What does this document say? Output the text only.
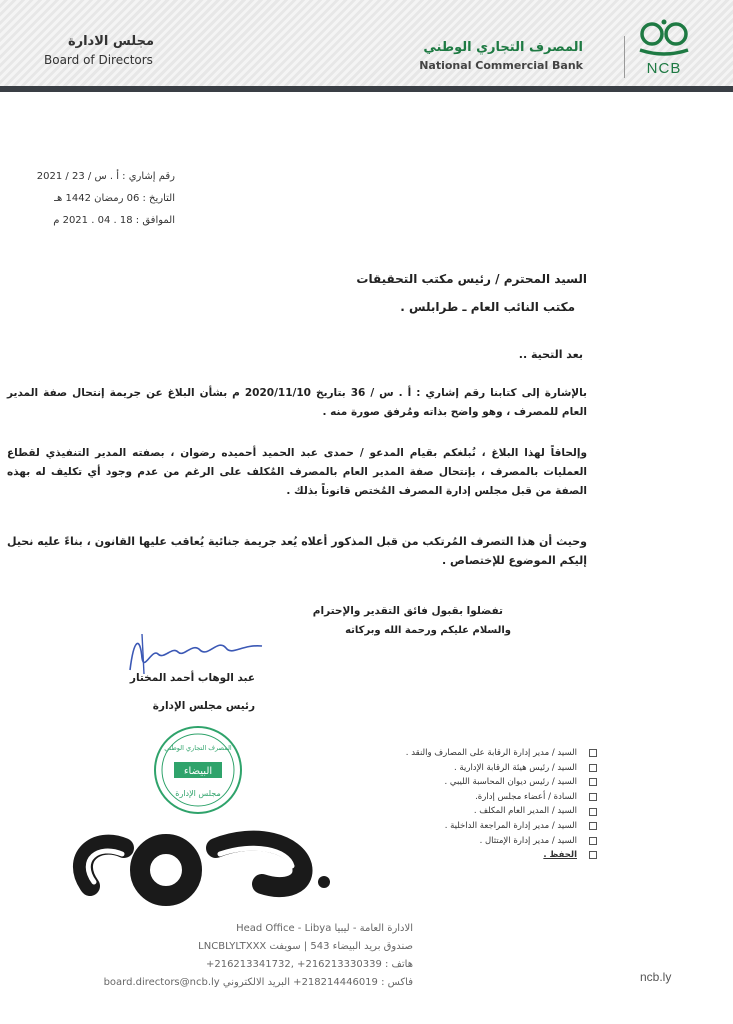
مجلس الادارة
Board of Directors
المصرف التجاري الوطني
National Commercial Bank	NCB
رقم إشاري : أ . س / 23 / 2021
التاريخ : 06 رمضان 1442 هـ
الموافق : 18 . 04 . 2021 م
السيد المحترم / رئيس مكتب التحقيقات
مكتب النائب العام ـ طرابلس .
بعد التحية ..
بالإشارة إلى كتابنا رقم إشاري : أ . س / 36 بتاريخ 2020/11/10 م بشأن البلاغ عن جريمة إنتحال صفة المدير العام للمصرف ، وهو واضح بذاته ومُرفق صورة منه .
وإلحاقاً لهذا البلاغ ، نُبلغكم بقيام المدعو / حمدى عبد الحميد أحميده رضوان ، بصفته المدير التنفيذي لقطاع العمليات بالمصرف ، بإنتحال صفة المدير العام بالمصرف المُكلف على الرغم من عدم وجود أي تكليف له بهذه الصفة من قبل مجلس إدارة المصرف المُختص قانوناً بذلك .
وحيث أن هذا التصرف المُرتكب من قبل المذكور أعلاه يُعد جريمة جنائية يُعاقب عليها القانون ، بناءً عليه نحيل إليكم الموضوع للإختصاص .
تفضلوا بقبول فائق التقدير والإحترام
والسلام عليكم ورحمة الله وبركاته
عبد الوهاب أحمد المختار
رئيس مجلس الإدارة
البيضاء
المصرف التجاري الوطني
مجلس الإدارة
السيد / مدير إدارة الرقابة على المصارف والنقد .
السيد / رئيس هيئة الرقابة الإدارية .
السيد / رئيس ديوان المحاسبة الليبي .
السادة / أعضاء مجلس إدارة.
السيد / المدير العام المكلف .
السيد / مدير إدارة المراجعة الداخلية .
السيد / مدير إدارة الإمتثال .
الحفظ .
الادارة العامة - ليبيا Head Office - Libya
صندوق بريد البيضاء 543 | سويفت LNCBLYLTXXX
هاتف : 216213330339+ ,216213341732+
فاكس : 218214446019+ البريد الالكتروني board.directors@ncb.ly	ncb.ly
